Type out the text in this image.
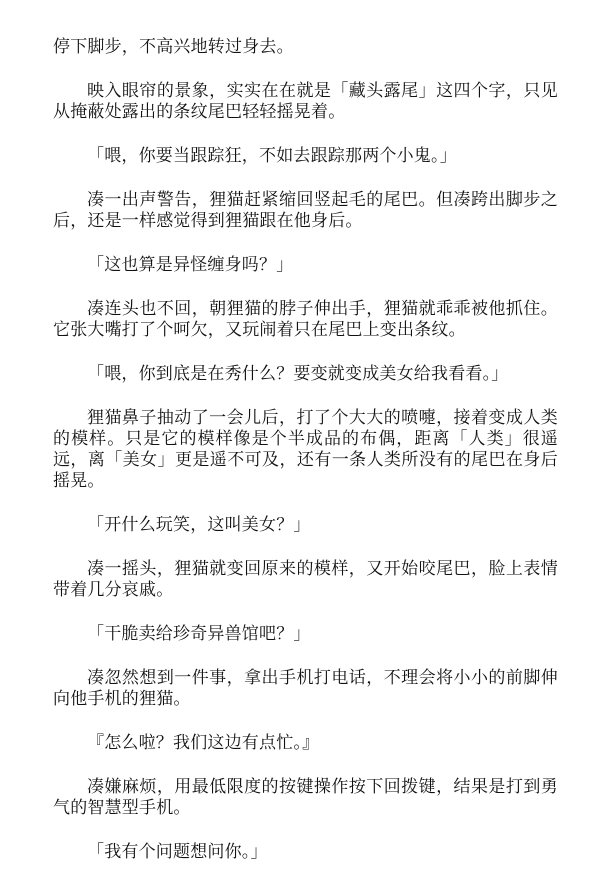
停下脚步，不高兴地转过身去。

映入眼帘的景象，实实在在就是「藏头露尾」这四个字，只见从掩蔽处露出的条纹尾巴轻轻摇晃着。

「喂，你要当跟踪狂，不如去跟踪那两个小鬼。」

凑一出声警告，狸猫赶紧缩回竖起毛的尾巴。但凑跨出脚步之后，还是一样感觉得到狸猫跟在他身后。

「这也算是异怪缠身吗？」

凑连头也不回，朝狸猫的脖子伸出手，狸猫就乖乖被他抓住。它张大嘴打了个呵欠，又玩闹着只在尾巴上变出条纹。

「喂，你到底是在秀什么？要变就变成美女给我看看。」

狸猫鼻子抽动了一会儿后，打了个大大的喷嚏，接着变成人类的模样。只是它的模样像是个半成品的布偶，距离「人类」很遥远，离「美女」更是遥不可及，还有一条人类所没有的尾巴在身后摇晃。

「开什么玩笑，这叫美女？」

凑一摇头，狸猫就变回原来的模样，又开始咬尾巴，脸上表情带着几分哀戚。

「干脆卖给珍奇异兽馆吧？」

凑忽然想到一件事，拿出手机打电话，不理会将小小的前脚伸向他手机的狸猫。

『怎么啦？我们这边有点忙。』

凑嫌麻烦，用最低限度的按键操作按下回拨键，结果是打到勇气的智慧型手机。

「我有个问题想问你。」
